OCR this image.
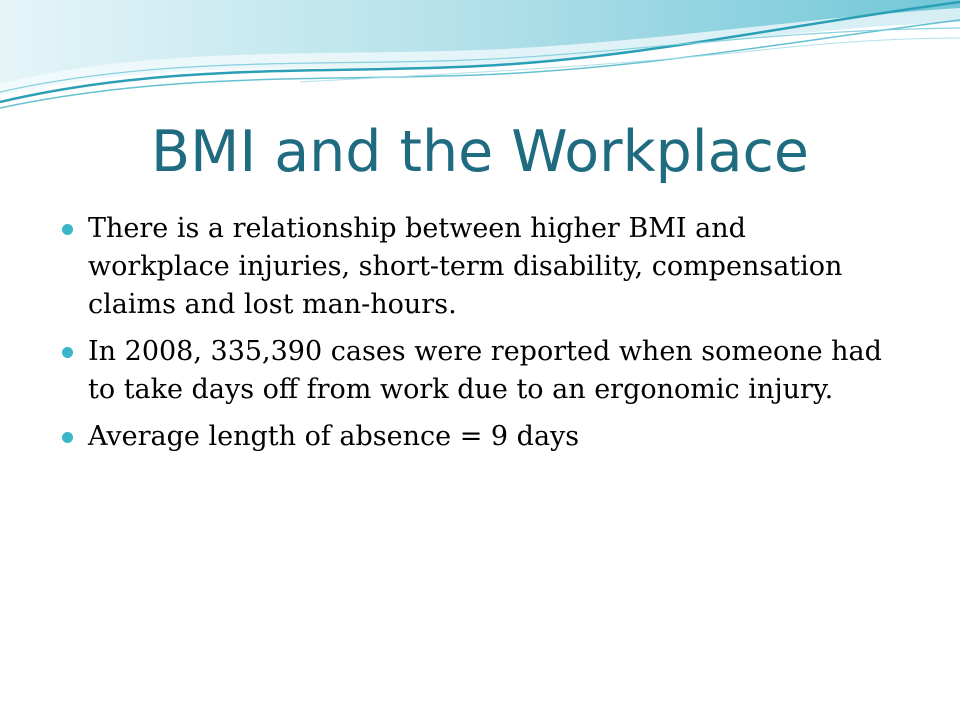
BMI and the Workplace
There is a relationship between higher BMI and workplace injuries, short-term disability, compensation claims and lost man-hours.
In 2008, 335,390 cases were reported when someone had to take days off from work due to an ergonomic injury.
Average length of absence = 9 days
